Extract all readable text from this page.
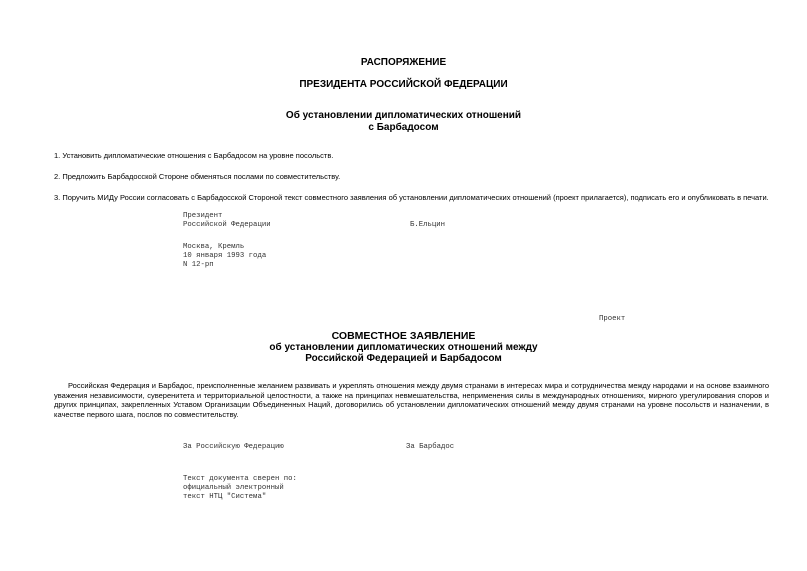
РАСПОРЯЖЕНИЕ
ПРЕЗИДЕНТА РОССИЙСКОЙ ФЕДЕРАЦИИ
Об установлении дипломатических отношений
с Барбадосом
1. Установить дипломатические отношения с Барбадосом на уровне посольств.
2. Предложить Барбадосской Стороне обменяться послами по совместительству.
3. Поручить МИДу России согласовать с Барбадосской Стороной текст совместного заявления об установлении дипломатических отношений (проект прилагается), подписать его и опубликовать в печати.
Президент
Российской Федерации	Б.Ельцин
Москва, Кремль
10 января 1993 года
N 12-рп
Проект
СОВМЕСТНОЕ ЗАЯВЛЕНИЕ
об установлении дипломатических отношений между
Российской Федерацией и Барбадосом
Российская Федерация и Барбадос, преисполненные желанием развивать и укреплять отношения между двумя странами в интересах мира и сотрудничества между народами и на основе взаимного уважения независимости, суверенитета и территориальной целостности, а также на принципах невмешательства, неприменения силы в международных отношениях, мирного урегулирования споров и других принципах, закрепленных Уставом Организации Объединенных Наций, договорились об установлении дипломатических отношений между двумя странами на уровне посольств и назначении, в качестве первого шага, послов по совместительству.
За Российскую Федерацию	За Барбадос
Текст документа сверен по:
официальный электронный
текст НТЦ "Система"
